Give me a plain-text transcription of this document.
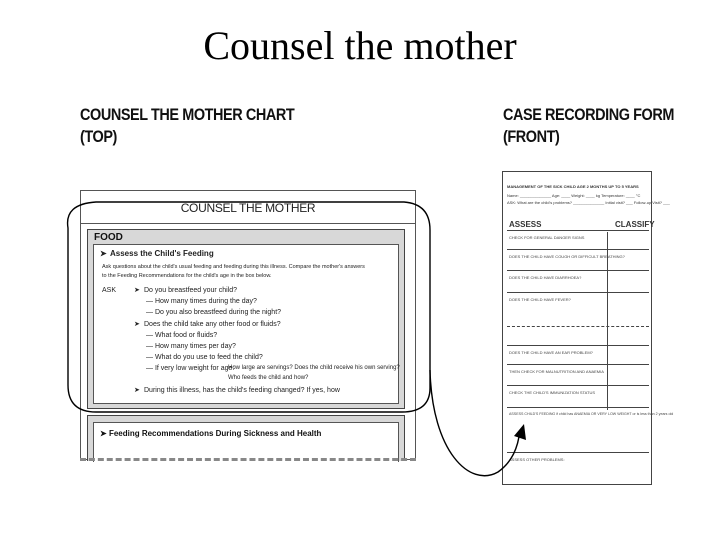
Counsel the mother
COUNSEL THE MOTHER CHART
(TOP)
CASE RECORDING FORM
(FRONT)
COUNSEL THE MOTHER
FOOD
➤ Assess the Child's Feeding
Ask questions about the child's usual feeding and feeding during this illness. Compare the mother's answers
to the Feeding Recommendations for the child's age in the box below.
ASK	➤ Do you breastfeed your child?
— How many times during the day?
— Do you also breastfeed during the night?
➤ Does the child take any other food or fluids?
— What food or fluids?
— How many times per day?
— What do you use to feed the child?
— If very low weight for age:
How large are servings? Does the child receive his own serving?
Who feeds the child and how?
➤ During this illness, has the child's feeding changed? If yes, how
➤ Feeding Recommendations During Sickness and Health
MANAGEMENT OF THE SICK CHILD AGE 2 MONTHS UP TO 5 YEARS
Name: ______________ Age: ____ Weight: ____ kg Temperature: ____ °C
ASK: What are the child's problems? ______________ Initial visit? ___ Follow-up Visit? ___
ASSESS	CLASSIFY
CHECK FOR GENERAL DANGER SIGNS
DOES THE CHILD HAVE COUGH OR DIFFICULT BREATHING?
DOES THE CHILD HAVE DIARRHOEA?
DOES THE CHILD HAVE FEVER?
DOES THE CHILD HAVE AN EAR PROBLEM?
THEN CHECK FOR MALNUTRITION AND ANAEMIA
CHECK THE CHILD'S IMMUNIZATION STATUS
ASSESS CHILD'S FEEDING if child has ANAEMIA OR VERY LOW WEIGHT or is less than 2 years old
ASSESS OTHER PROBLEMS:
